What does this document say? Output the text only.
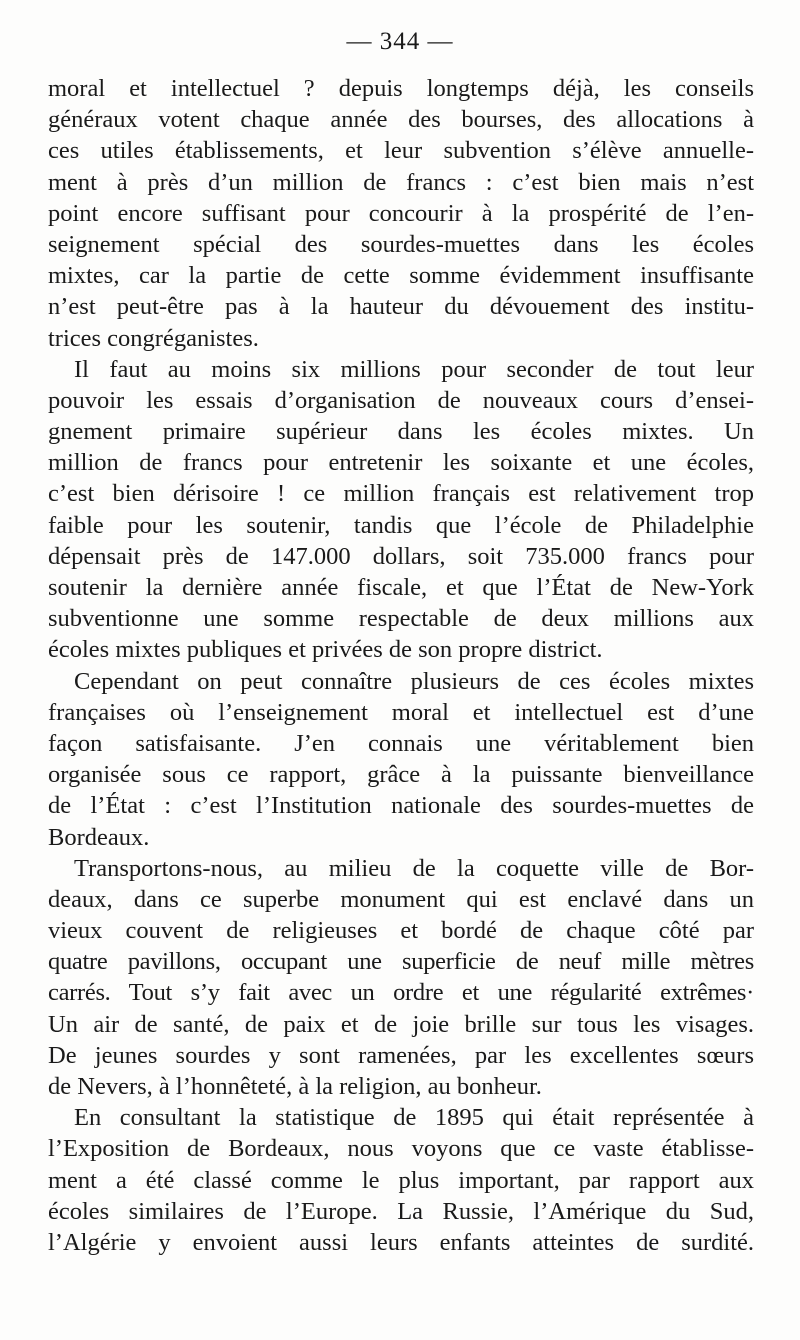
— 344 —
moral et intellectuel ? depuis longtemps déjà, les conseils
généraux votent chaque année des bourses, des allocations à
ces utiles établissements, et leur subvention s’élève annuelle-
ment à près d’un million de francs : c’est bien mais n’est
point encore suffisant pour concourir à la prospérité de l’en-
seignement spécial des sourdes-muettes dans les écoles
mixtes, car la partie de cette somme évidemment insuffisante
n’est peut-être pas à la hauteur du dévouement des institu-
trices congréganistes.
Il faut au moins six millions pour seconder de tout leur
pouvoir les essais d’organisation de nouveaux cours d’ensei-
gnement primaire supérieur dans les écoles mixtes. Un
million de francs pour entretenir les soixante et une écoles,
c’est bien dérisoire ! ce million français est relativement trop
faible pour les soutenir, tandis que l’école de Philadelphie
dépensait près de 147.000 dollars, soit 735.000 francs pour
soutenir la dernière année fiscale, et que l’État de New-York
subventionne une somme respectable de deux millions aux
écoles mixtes publiques et privées de son propre district.
Cependant on peut connaître plusieurs de ces écoles mixtes
françaises où l’enseignement moral et intellectuel est d’une
façon satisfaisante. J’en connais une véritablement bien
organisée sous ce rapport, grâce à la puissante bienveillance
de l’État : c’est l’Institution nationale des sourdes-muettes de
Bordeaux.
Transportons-nous, au milieu de la coquette ville de Bor-
deaux, dans ce superbe monument qui est enclavé dans un
vieux couvent de religieuses et bordé de chaque côté par
quatre pavillons, occupant une superficie de neuf mille mètres
carrés. Tout s’y fait avec un ordre et une régularité extrêmes·
Un air de santé, de paix et de joie brille sur tous les visages.
De jeunes sourdes y sont ramenées, par les excellentes sœurs
de Nevers, à l’honnêteté, à la religion, au bonheur.
En consultant la statistique de 1895 qui était représentée à
l’Exposition de Bordeaux, nous voyons que ce vaste établisse-
ment a été classé comme le plus important, par rapport aux
écoles similaires de l’Europe. La Russie, l’Amérique du Sud,
l’Algérie y envoient aussi leurs enfants atteintes de surdité.
